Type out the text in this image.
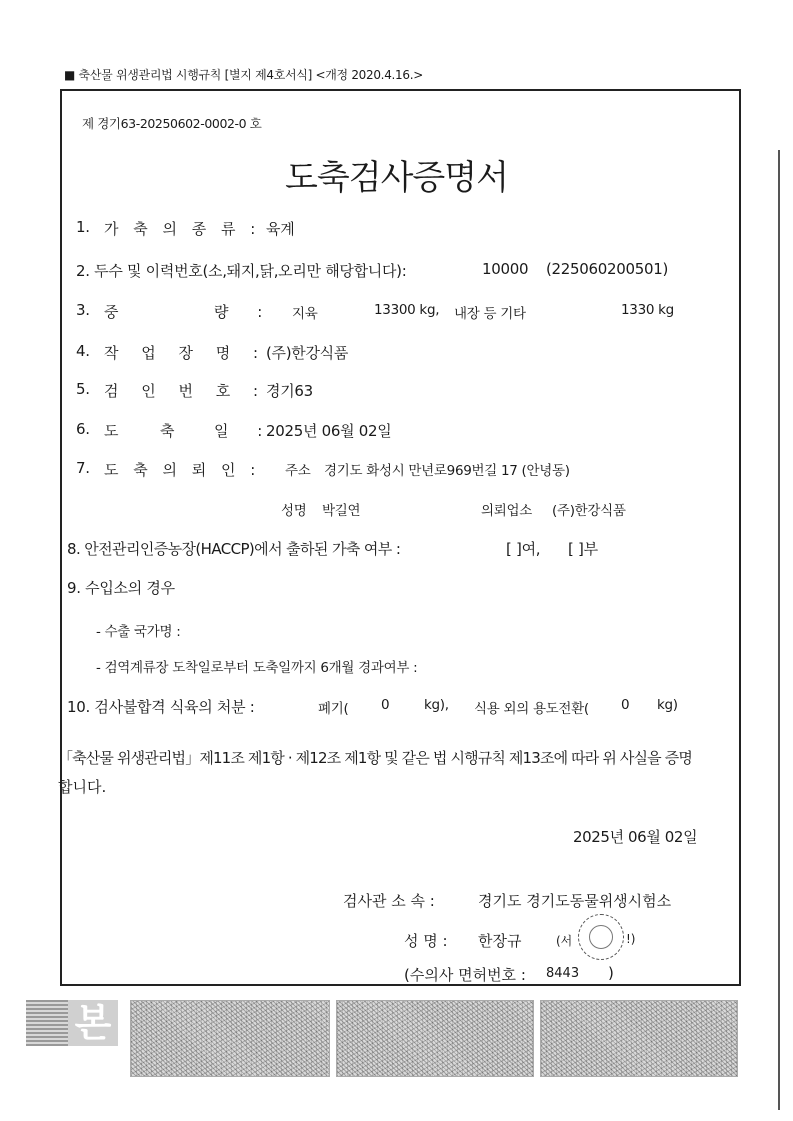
■ 축산물 위생관리법 시행규칙 [별지 제4호서식] <개정 2020.4.16.>
제 경기63-20250602-0002-0 호
도축검사증명서
1. 가 축 의 종 류 : 육계
2. 두수 및 이력번호(소,돼지,닭,오리만 해당합니다):	10000 (225060200501)
3. 중	량 : 지육	13300 kg, 내장 등 기타	1330 kg
4. 작 업 장 명 :
(주)한강식품
5. 검 인 번 호 :
경기63
6. 도	축	일 :
2025년 06월 02일
7. 도 축 의 뢰 인 : 주소 경기도 화성시 만년로969번길 17 (안녕동)
성명 박길연	의뢰업소 (주)한강식품
8. 안전관리인증농장(HACCP)에서 출하된 가축 여부 :	[ ]여, [ ]부
9. 수입소의 경우
- 수출 국가명 :
- 검역계류장 도착일로부터 도축일까지 6개월 경과여부 :
10. 검사불합격 식육의 처분 :	폐기( 0	kg), 식용 외의 용도전환( 0 kg)
「축산물 위생관리법」제11조 제1항 · 제12조 제1항 및 같은 법 시행규칙 제13조에 따라 위 사실을 증명
합니다.
2025년 06월 02일
검사관 소 속 :	경기도 경기도동물위생시험소
성 명 : 한장규	(서	!)
(수의사 면허번호 : 8443 )
본
